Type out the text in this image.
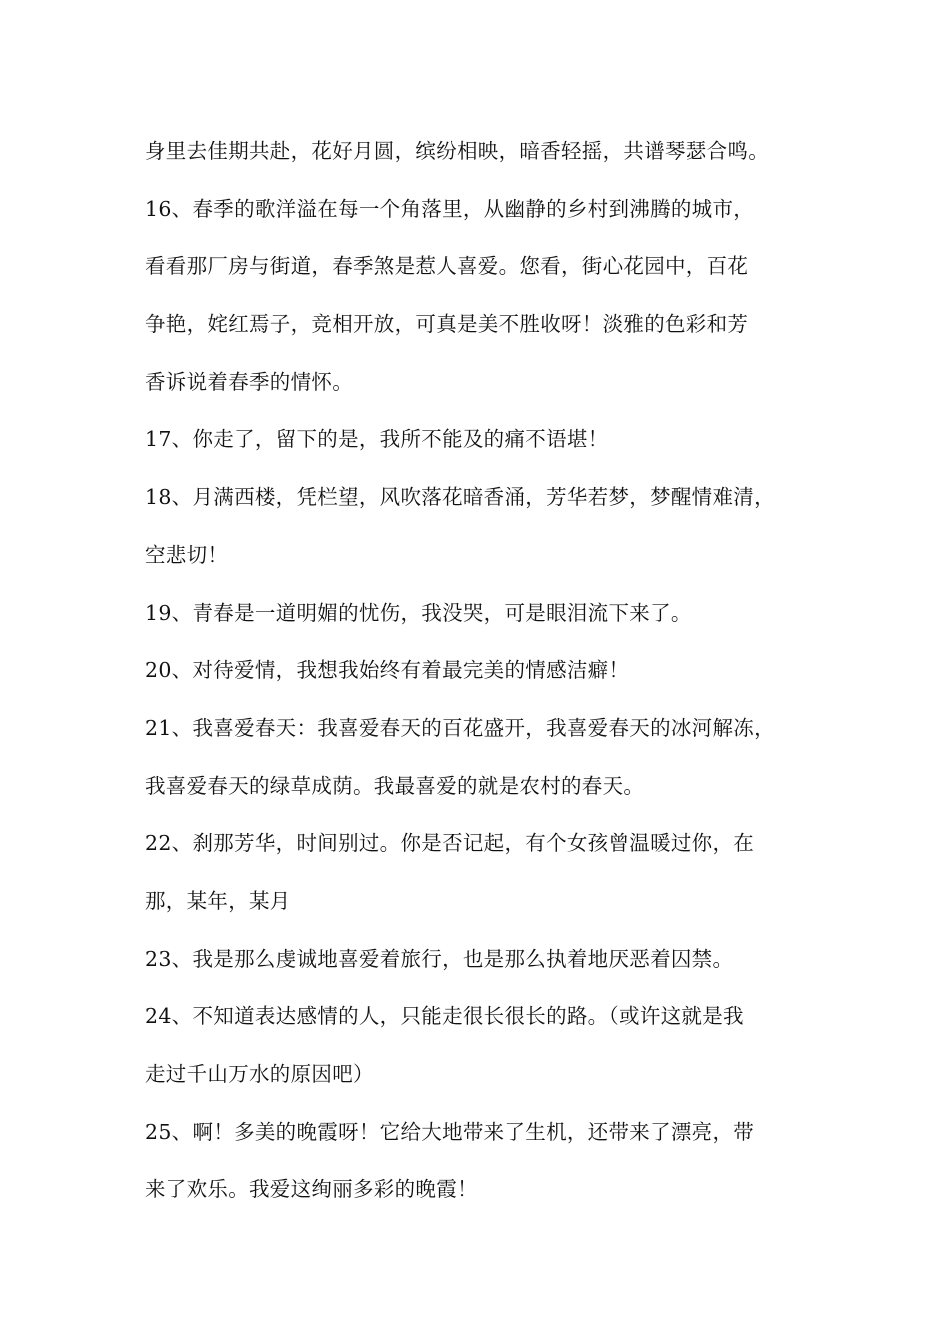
身里去佳期共赴，花好月圆，缤纷相映，暗香轻摇，共谱琴瑟合鸣。
16、春季的歌洋溢在每一个角落里，从幽静的乡村到沸腾的城市，
看看那厂房与街道，春季煞是惹人喜爱。您看，街心花园中，百花
争艳，姹红焉子，竞相开放，可真是美不胜收呀！淡雅的色彩和芳
香诉说着春季的情怀。
17、你走了，留下的是，我所不能及的痛不语堪！
18、月满西楼，凭栏望，风吹落花暗香涌，芳华若梦，梦醒情难清，
空悲切！
19、青春是一道明媚的忧伤，我没哭，可是眼泪流下来了。
20、对待爱情，我想我始终有着最完美的情感洁癖！
21、我喜爱春天：我喜爱春天的百花盛开，我喜爱春天的冰河解冻，
我喜爱春天的绿草成荫。我最喜爱的就是农村的春天。
22、刹那芳华，时间别过。你是否记起，有个女孩曾温暖过你，在
那，某年，某月
23、我是那么虔诚地喜爱着旅行，也是那么执着地厌恶着囚禁。
24、不知道表达感情的人，只能走很长很长的路。（或许这就是我
走过千山万水的原因吧）
25、啊！多美的晚霞呀！它给大地带来了生机，还带来了漂亮，带
来了欢乐。我爱这绚丽多彩的晚霞！
